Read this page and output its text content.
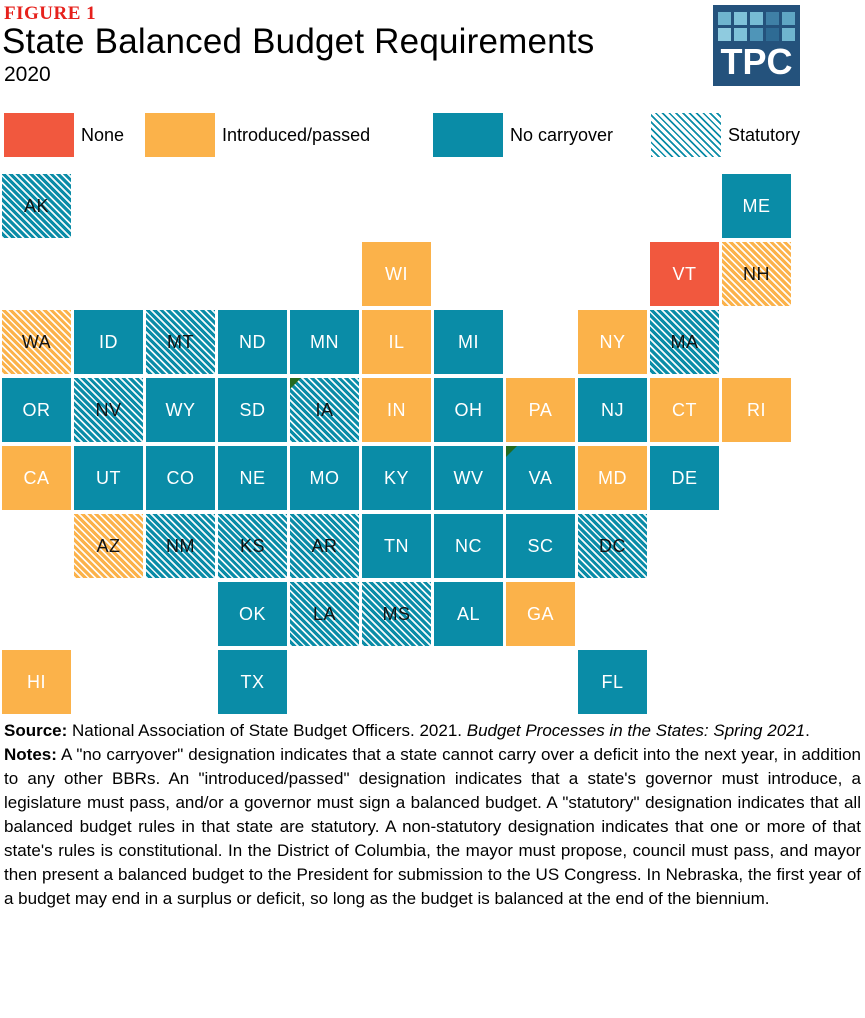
FIGURE 1
State Balanced Budget Requirements
2020	TPC
None	Introduced/passed	No carryover	Statutory
AK	ME
WI	VT	NH
WA	ID	MT	ND MN	IL	MI	NY	MA
OR NV WY SD	IA	IN	OH	PA	NJ	CT	RI
CA	UT	CO NE MO KY WV	VA	MD DE
AZ	NM KS	AR	TN	NC	SC	DC
OK	LA	MS	AL	GA
HI	TX	FL

Source: National Association of State Budget Officers. 2021. Budget Processes in the States: Spring 2021.

Notes: A "no carryover" designation indicates that a state cannot carry over a deficit into the next year, in addition to any other BBRs. An "introduced/passed" designation indicates that a state's governor must introduce, a legislature must pass, and/or a governor must sign a balanced budget. A "statutory" designation indicates that all balanced budget rules in that state are statutory. A non-statutory designation indicates that one or more of that state's rules is constitutional. In the District of Columbia, the mayor must propose, council must pass, and mayor then present a balanced budget to the President for submission to the US Congress. In Nebraska, the first year of a budget may end in a surplus or deficit, so long as the budget is balanced at the end of the biennium.
